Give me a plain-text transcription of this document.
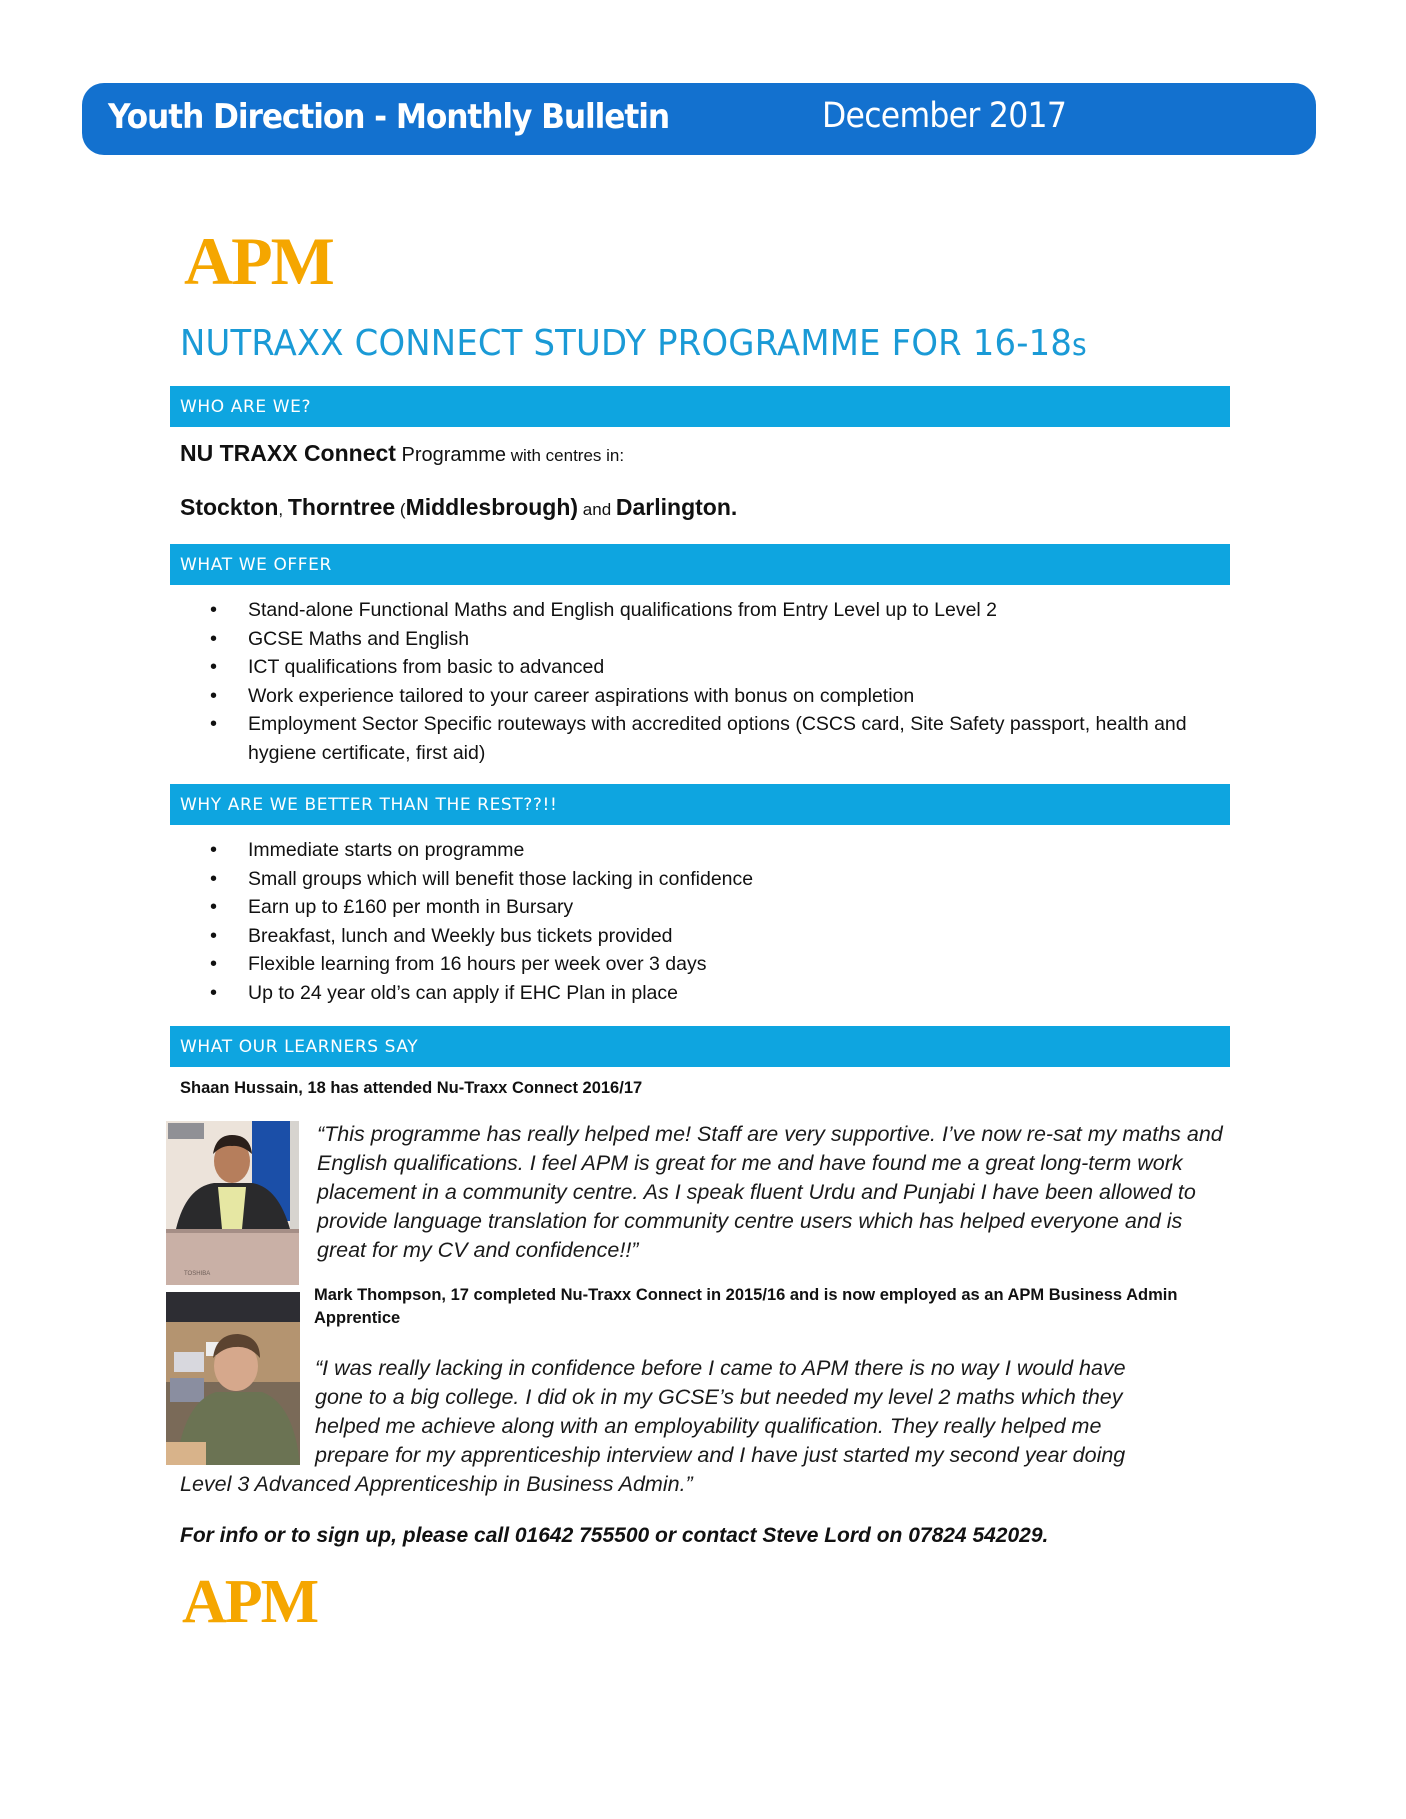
Youth Direction - Monthly Bulletin	December 2017
APM
NUTRAXX CONNECT STUDY PROGRAMME FOR 16-18s
WHO ARE WE?
NU TRAXX Connect Programme with centres in:
Stockton, Thorntree (Middlesbrough) and Darlington.
WHAT WE OFFER
• Stand-alone Functional Maths and English qualifications from Entry Level up to Level 2
• GCSE Maths and English
• ICT qualifications from basic to advanced
• Work experience tailored to your career aspirations with bonus on completion
• Employment Sector Specific routeways with accredited options (CSCS card, Site Safety passport, health and hygiene certificate, first aid)
WHY ARE WE BETTER THAN THE REST??!!
• Immediate starts on programme
• Small groups which will benefit those lacking in confidence
• Earn up to £160 per month in Bursary
• Breakfast, lunch and Weekly bus tickets provided
• Flexible learning from 16 hours per week over 3 days
• Up to 24 year old’s can apply if EHC Plan in place
WHAT OUR LEARNERS SAY
Shaan Hussain, 18 has attended Nu-Traxx Connect 2016/17
TOSHIBA
“This programme has really helped me! Staff are very supportive. I’ve now re-sat my maths and English qualifications. I feel APM is great for me and have found me a great long-term work placement in a community centre. As I speak fluent Urdu and Punjabi I have been allowed to provide language translation for community centre users which has helped everyone and is great for my CV and confidence!!”
Mark Thompson, 17 completed Nu-Traxx Connect in 2015/16 and is now employed as an APM Business Admin Apprentice
“I was really lacking in confidence before I came to APM there is no way I would have
gone to a big college. I did ok in my GCSE’s but needed my level 2 maths which they
helped me achieve along with an employability qualification. They really helped me
prepare for my apprenticeship interview and I have just started my second year doing
Level 3 Advanced Apprenticeship in Business Admin.”
For info or to sign up, please call 01642 755500 or contact Steve Lord on 07824 542029.
APM
